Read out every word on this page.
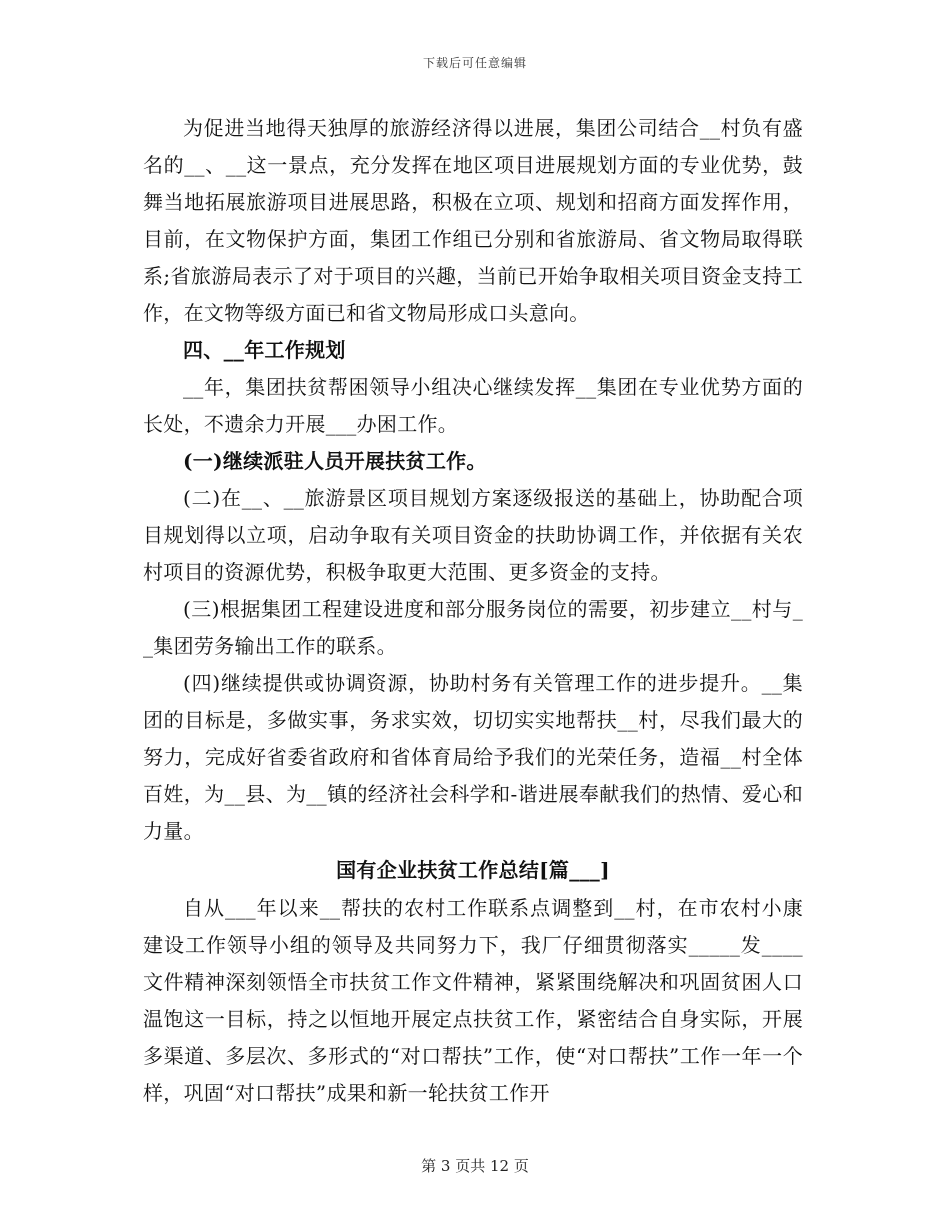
下载后可任意编辑

为促进当地得天独厚的旅游经济得以进展，集团公司结合__村负有盛名的__、__这一景点，充分发挥在地区项目进展规划方面的专业优势，鼓舞当地拓展旅游项目进展思路，积极在立项、规划和招商方面发挥作用，目前，在文物保护方面，集团工作组已分别和省旅游局、省文物局取得联系;省旅游局表示了对于项目的兴趣，当前已开始争取相关项目资金支持工作，在文物等级方面已和省文物局形成口头意向。

四、__年工作规划

__年，集团扶贫帮困领导小组决心继续发挥__集团在专业优势方面的长处，不遗余力开展___办困工作。

(一)继续派驻人员开展扶贫工作。

(二)在__、__旅游景区项目规划方案逐级报送的基础上，协助配合项目规划得以立项，启动争取有关项目资金的扶助协调工作，并依据有关农村项目的资源优势，积极争取更大范围、更多资金的支持。

(三)根据集团工程建设进度和部分服务岗位的需要，初步建立__村与__集团劳务输出工作的联系。

(四)继续提供或协调资源，协助村务有关管理工作的进步提升。__集团的目标是，多做实事，务求实效，切切实实地帮扶__村，尽我们最大的努力，完成好省委省政府和省体育局给予我们的光荣任务，造福__村全体百姓，为__县、为__镇的经济社会科学和-谐进展奉献我们的热情、爱心和力量。

国有企业扶贫工作总结[篇___]

自从___年以来__帮扶的农村工作联系点调整到__村，在市农村小康建设工作领导小组的领导及共同努力下，我厂仔细贯彻落实_____发____文件精神深刻领悟全市扶贫工作文件精神，紧紧围绕解决和巩固贫困人口温饱这一目标，持之以恒地开展定点扶贫工作，紧密结合自身实际，开展多渠道、多层次、多形式的“对口帮扶”工作，使“对口帮扶”工作一年一个样，巩固“对口帮扶”成果和新一轮扶贫工作开

第 3 页共 12 页
